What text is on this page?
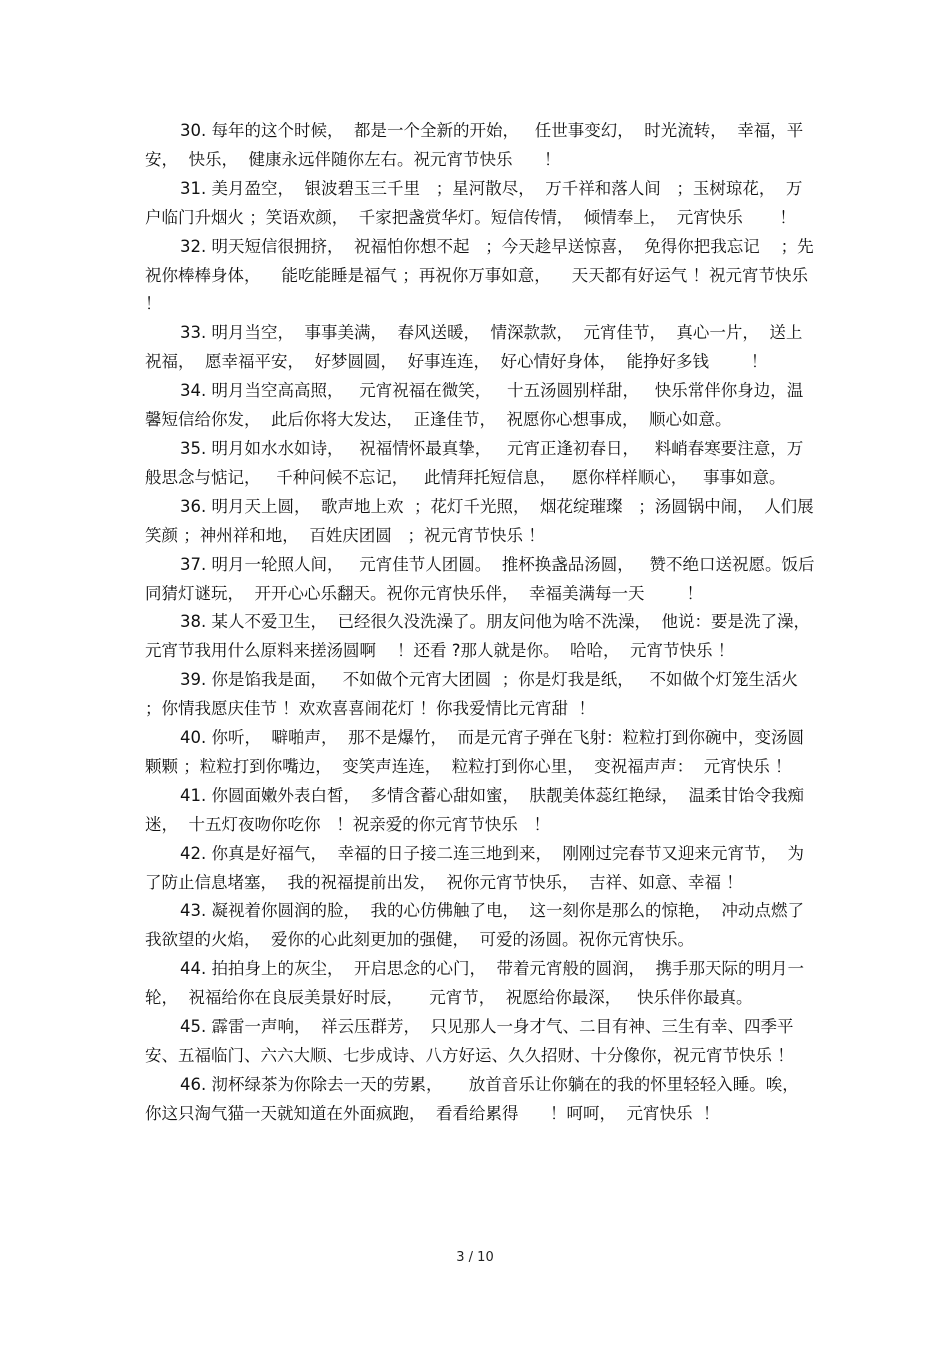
30. 每年的这个时候，  都是一个全新的开始，   任世事变幻，  时光流转，  幸福，平安，  快乐，  健康永远伴随你左右。祝元宵节快乐      ！

31. 美月盈空，  银波碧玉三千里   ；星河散尽，  万千祥和落人间   ；玉树琼花，  万户临门升烟火 ；笑语欢颜，  千家把盏赏华灯。短信传情，  倾情奉上，  元宵快乐       ！

32. 明天短信很拥挤，  祝福怕你想不起   ；今天趁早送惊喜，  免得你把我忘记    ；先祝你棒棒身体，    能吃能睡是福气 ；再祝你万事如意，    天天都有好运气 ！祝元宵节快乐 ！

33. 明月当空，  事事美满，  春风送暖，  情深款款，  元宵佳节，  真心一片，  送上祝福，  愿幸福平安，  好梦圆圆，  好事连连，  好心情好身体，  能挣好多钱        ！

34. 明月当空高高照，   元宵祝福在微笑，   十五汤圆别样甜，   快乐常伴你身边，温馨短信给你发，  此后你将大发达，  正逢佳节，  祝愿你心想事成，  顺心如意。

35. 明月如水水如诗，   祝福情怀最真挚，   元宵正逢初春日，   料峭春寒要注意，万般思念与惦记，   千种问候不忘记，   此情拜托短信息，   愿你样样顺心，   事事如意。

36. 明月天上圆，  歌声地上欢  ；花灯千光照，  烟花绽璀璨   ；汤圆锅中闹，  人们展笑颜 ；神州祥和地，  百姓庆团圆   ；祝元宵节快乐 ！

37. 明月一轮照人间，   元宵佳节人团圆。  推杯换盏品汤圆，   赞不绝口送祝愿。饭后同猜灯谜玩，  开开心心乐翻天。祝你元宵快乐伴，  幸福美满每一天        ！

38. 某人不爱卫生，  已经很久没洗澡了。朋友问他为啥不洗澡，  他说：要是洗了澡，  元宵节我用什么原料来搓汤圆啊    ！还看 ?那人就是你。  哈哈，  元宵节快乐 ！

39. 你是馅我是面，   不如做个元宵大团圆  ；你是灯我是纸，   不如做个灯笼生活火 ；你情我愿庆佳节 ！欢欢喜喜闹花灯 ！你我爱情比元宵甜  ！

40. 你听，  噼啪声，  那不是爆竹，  而是元宵子弹在飞射：粒粒打到你碗中，变汤圆颗颗 ；粒粒打到你嘴边，  变笑声连连，  粒粒打到你心里，  变祝福声声：  元宵快乐 ！

41. 你圆面嫩外表白皙，  多情含蓄心甜如蜜，  肤靓美体蕊红艳绿，  温柔甘饴令我痴迷，  十五灯夜吻你吃你   ！祝亲爱的你元宵节快乐   ！

42. 你真是好福气，  幸福的日子接二连三地到来，  刚刚过完春节又迎来元宵节，  为了防止信息堵塞，  我的祝福提前出发，  祝你元宵节快乐，  吉祥、如意、幸福 ！

43. 凝视着你圆润的脸，  我的心仿佛触了电，  这一刻你是那么的惊艳，  冲动点燃了我欲望的火焰，  爱你的心此刻更加的强健，  可爱的汤圆。祝你元宵快乐。

44. 拍拍身上的灰尘，  开启思念的心门，  带着元宵般的圆润，  携手那天际的明月一轮，  祝福给你在良辰美景好时辰，     元宵节，  祝愿给你最深，   快乐伴你最真。

45. 霹雷一声响，  祥云压群芳，  只见那人一身才气、二目有神、三生有幸、四季平安、五福临门、六六大顺、七步成诗、八方好运、久久招财、十分像你，祝元宵节快乐 ！

46. 沏杯绿茶为你除去一天的劳累，     放首音乐让你躺在的我的怀里轻轻入睡。唉，  你这只淘气猫一天就知道在外面疯跑，  看看给累得      ！呵呵，  元宵快乐  ！

3 / 10
